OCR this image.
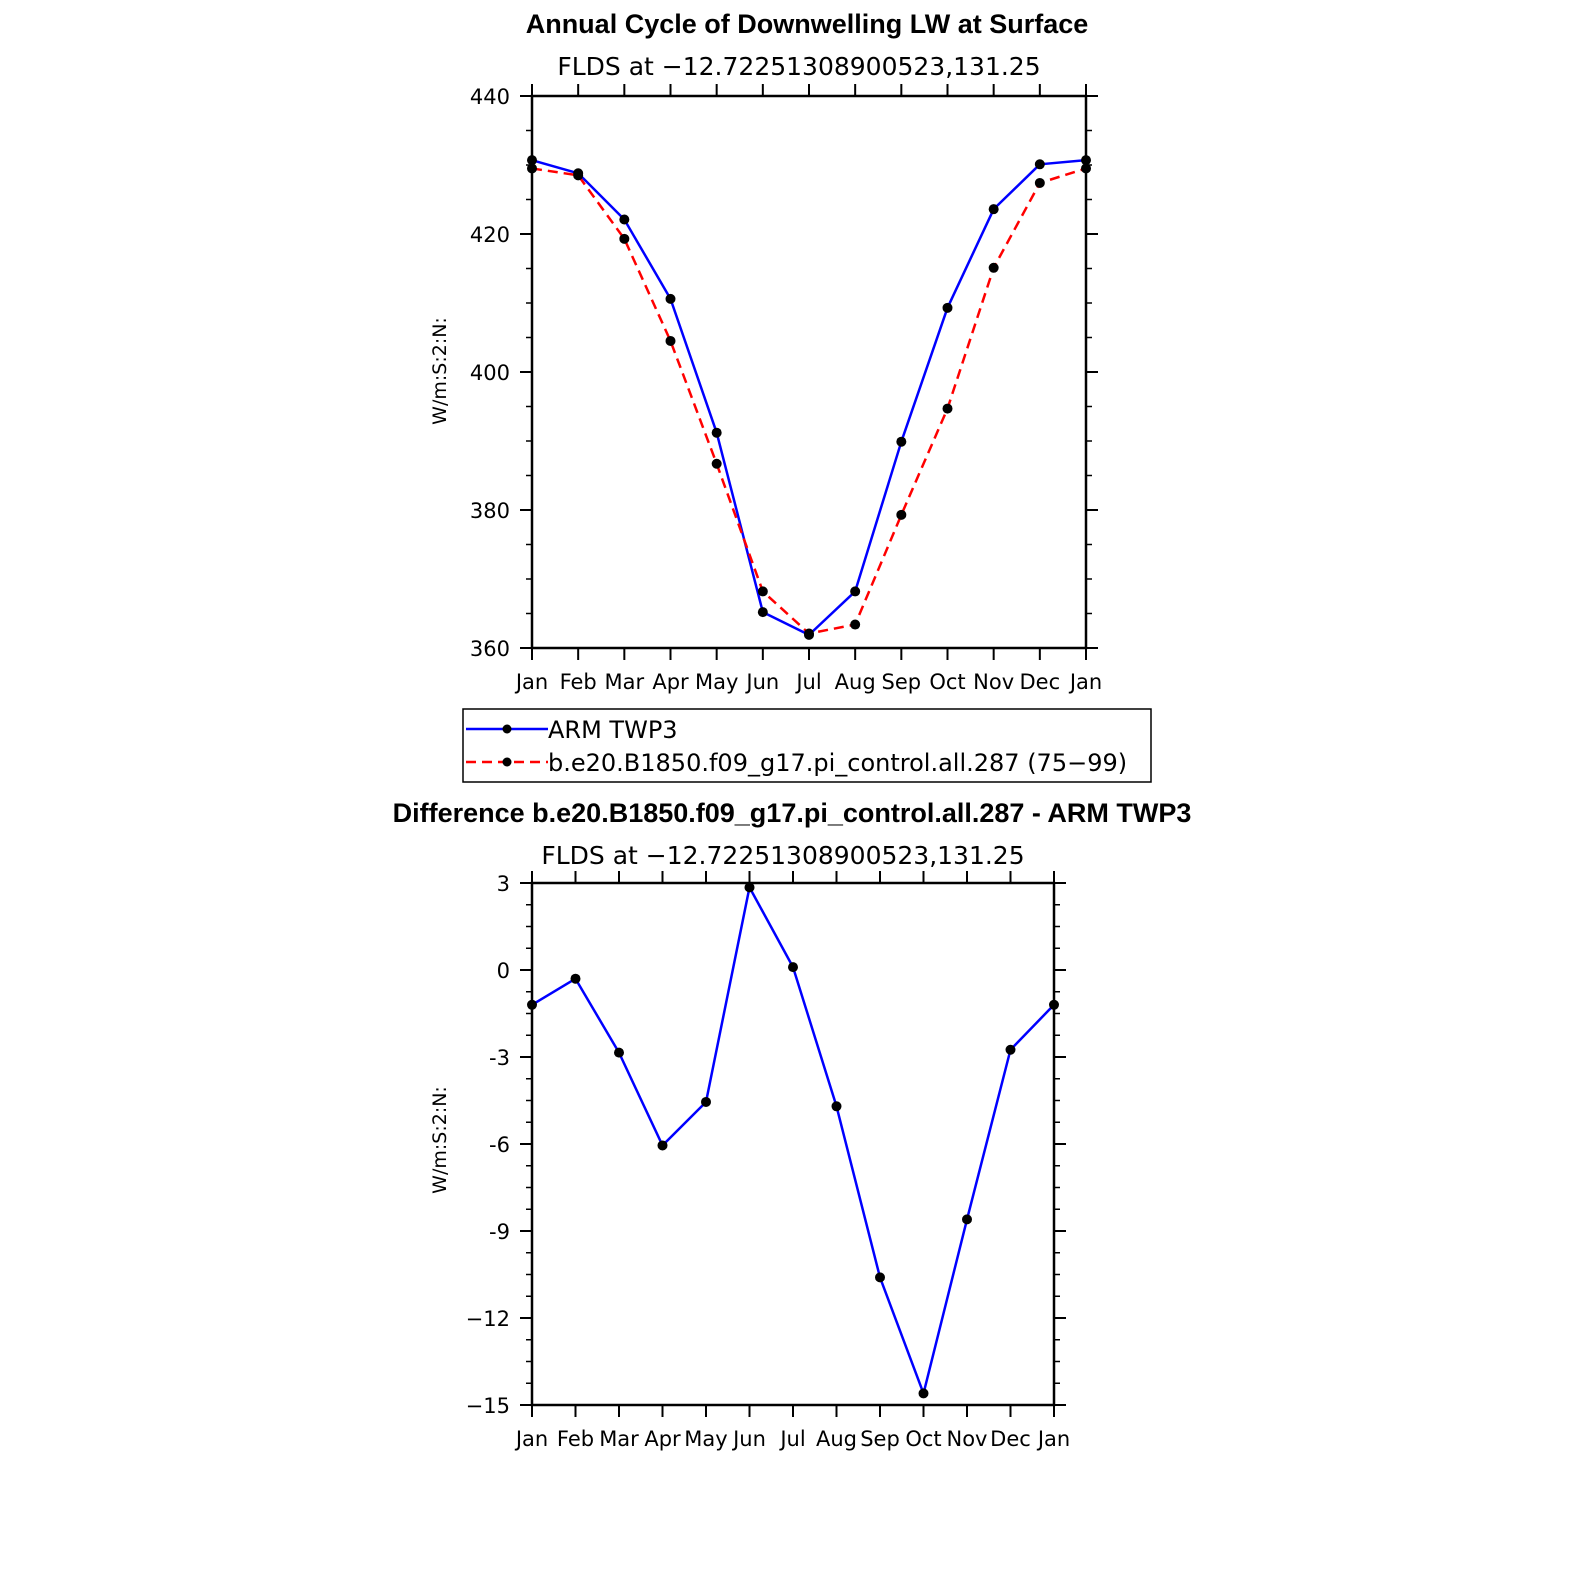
Annual Cycle of Downwelling LW at Surface
FLDS at −12.72251308900523,131.25
W/m:S:2:N:
Jan Feb Mar Apr May Jun Jul Aug Sep Oct Nov Dec Jan
360
380
400
420
440
ARM TWP3
b.e20.B1850.f09_g17.pi_control.all.287 (75−99)
Difference b.e20.B1850.f09_g17.pi_control.all.287 - ARM TWP3
FLDS at −12.72251308900523,131.25
W/m:S:2:N:
Jan Feb Mar Apr May Jun Jul Aug Sep Oct Nov Dec Jan
−15
−12
-9
-6
-3
0
3
